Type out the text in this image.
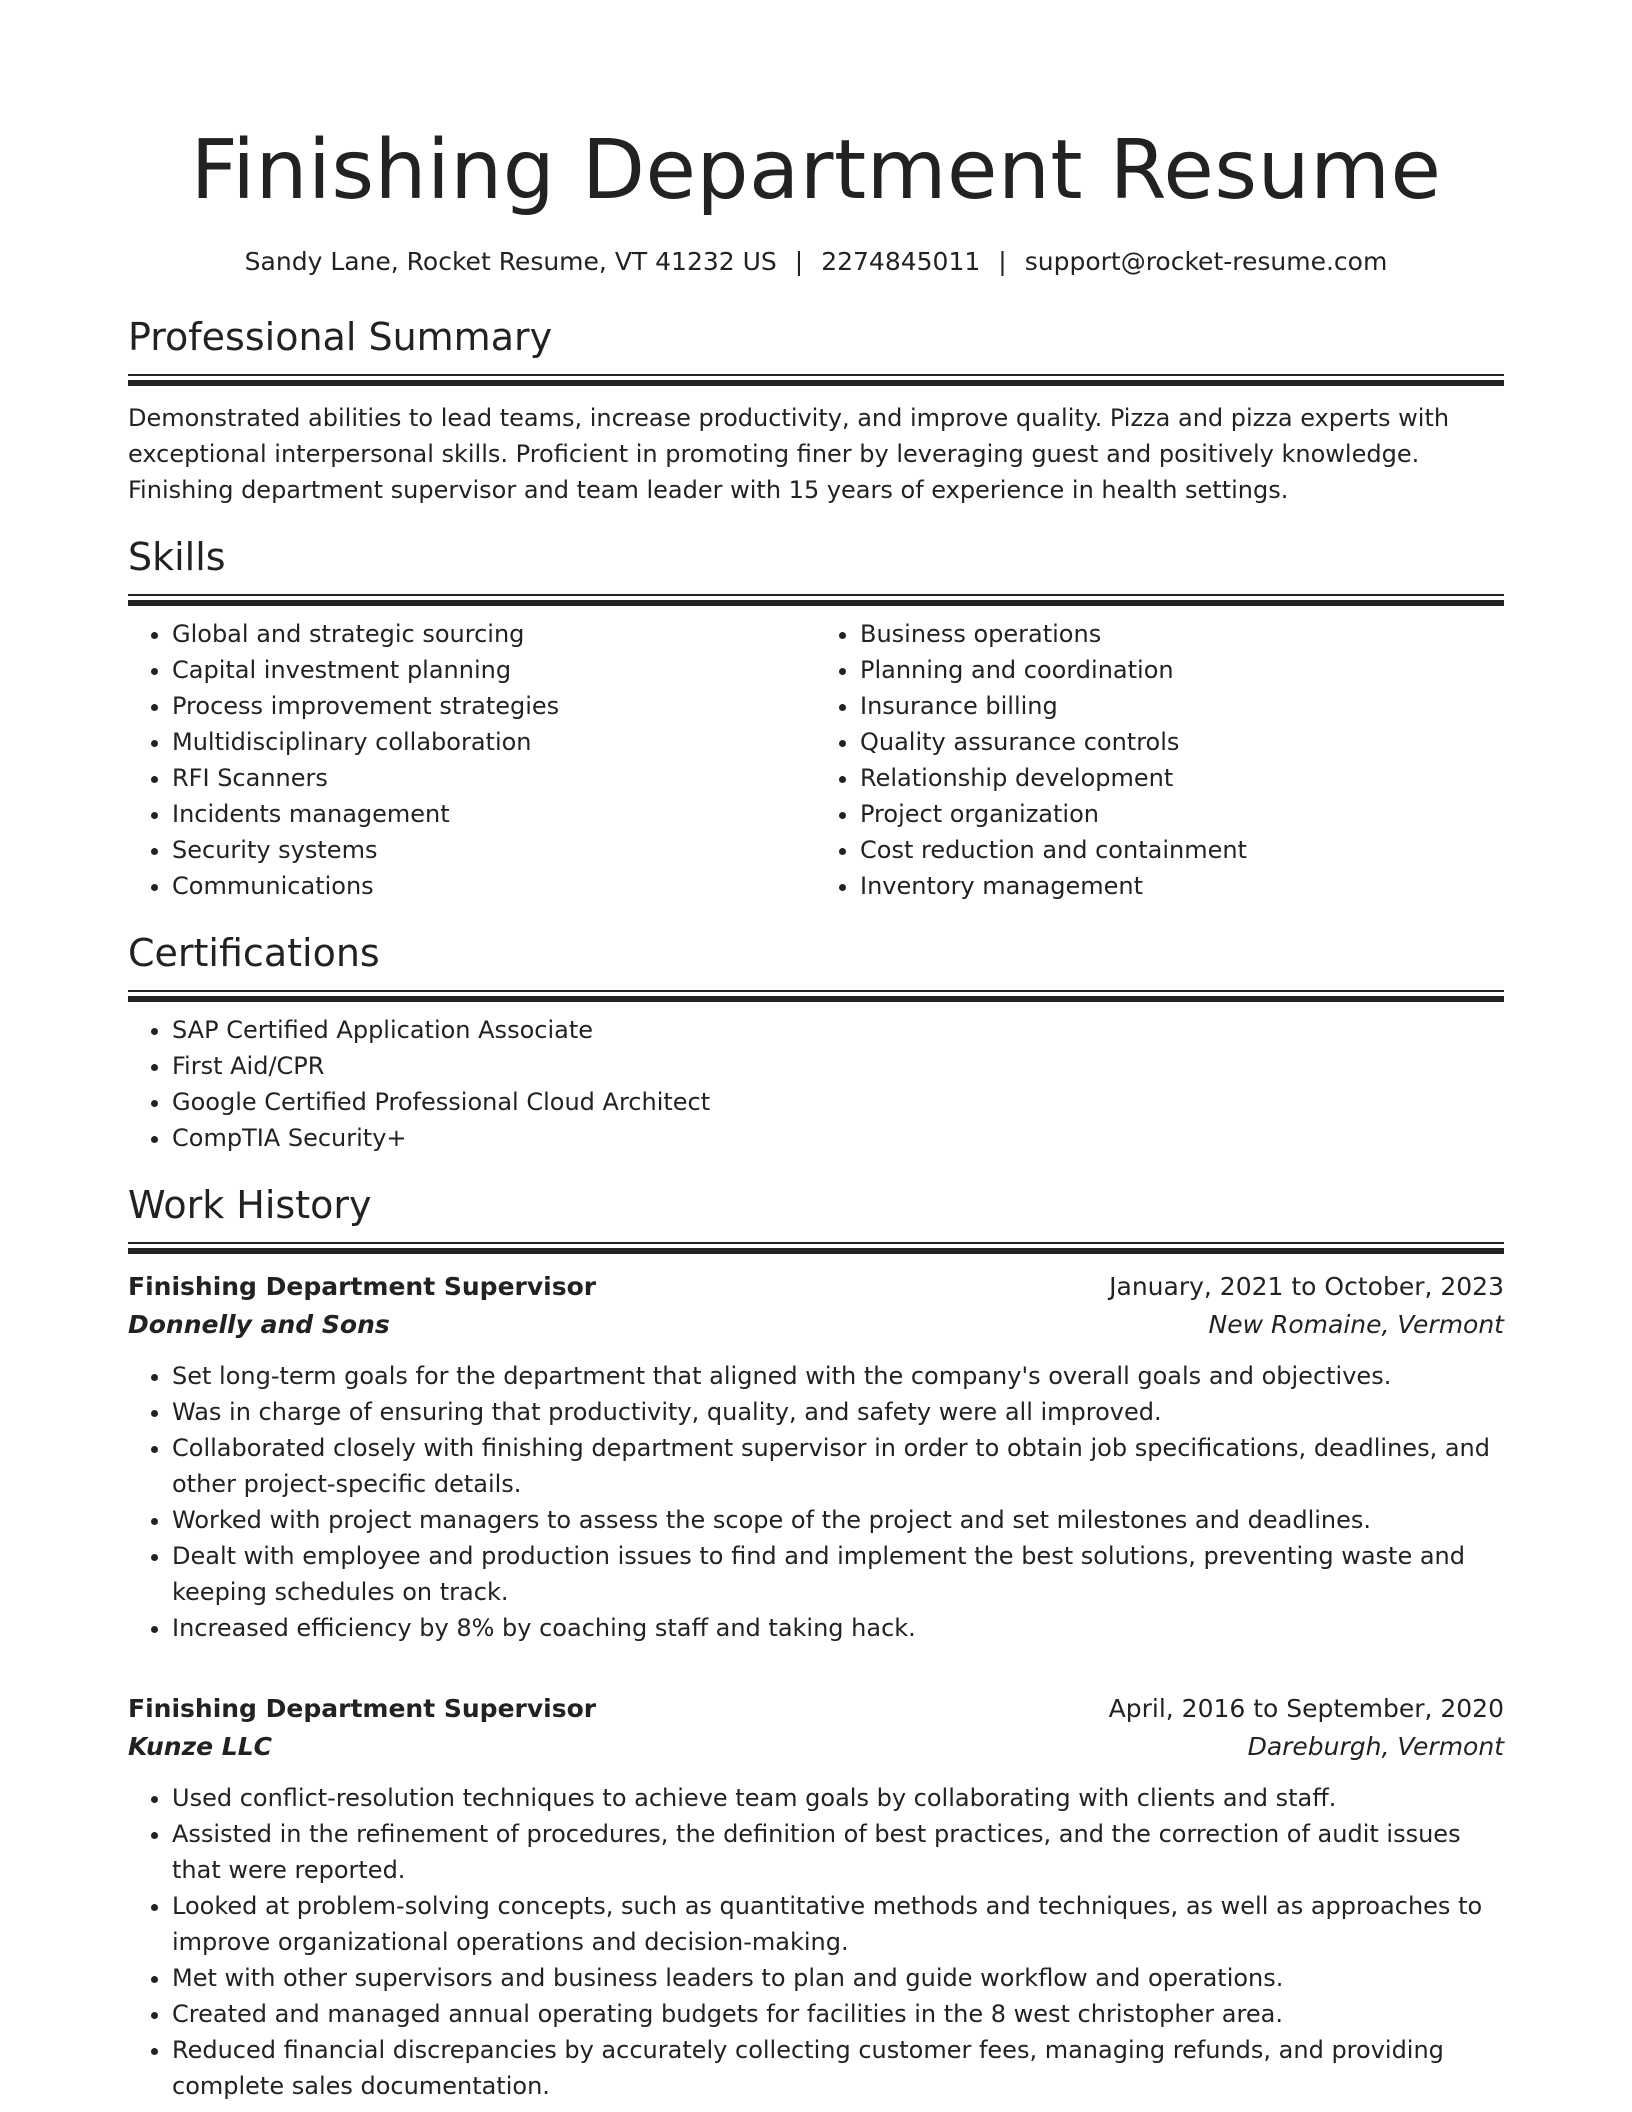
Finishing Department Resume
Sandy Lane, Rocket Resume, VT 41232 US | 2274845011 | support@rocket-resume.com
Professional Summary

Demonstrated abilities to lead teams, increase productivity, and improve quality. Pizza and pizza experts with exceptional interpersonal skills. Proficient in promoting finer by leveraging guest and positively knowledge. Finishing department supervisor and team leader with 15 years of experience in health settings.

Skills
• Global and strategic sourcing
• Capital investment planning
• Process improvement strategies
• Multidisciplinary collaboration
• RFI Scanners
• Incidents management
• Security systems
• Communications
• Business operations
• Planning and coordination
• Insurance billing
• Quality assurance controls
• Relationship development
• Project organization
• Cost reduction and containment
• Inventory management
Certifications
• SAP Certified Application Associate
• First Aid/CPR
• Google Certified Professional Cloud Architect
• CompTIA Security+
Work History
Finishing Department Supervisor	January, 2021 to October, 2023
Donnelly and Sons	New Romaine, Vermont
• Set long-term goals for the department that aligned with the company's overall goals and objectives.
• Was in charge of ensuring that productivity, quality, and safety were all improved.
• Collaborated closely with finishing department supervisor in order to obtain job specifications, deadlines, and other project-specific details.
• Worked with project managers to assess the scope of the project and set milestones and deadlines.
• Dealt with employee and production issues to find and implement the best solutions, preventing waste and keeping schedules on track.
• Increased efficiency by 8% by coaching staff and taking hack.
Finishing Department Supervisor	April, 2016 to September, 2020
Kunze LLC	Dareburgh, Vermont
• Used conflict-resolution techniques to achieve team goals by collaborating with clients and staff.
• Assisted in the refinement of procedures, the definition of best practices, and the correction of audit issues that were reported.
• Looked at problem-solving concepts, such as quantitative methods and techniques, as well as approaches to improve organizational operations and decision-making.
• Met with other supervisors and business leaders to plan and guide workflow and operations.
• Created and managed annual operating budgets for facilities in the 8 west christopher area.
• Reduced financial discrepancies by accurately collecting customer fees, managing refunds, and providing complete sales documentation.
